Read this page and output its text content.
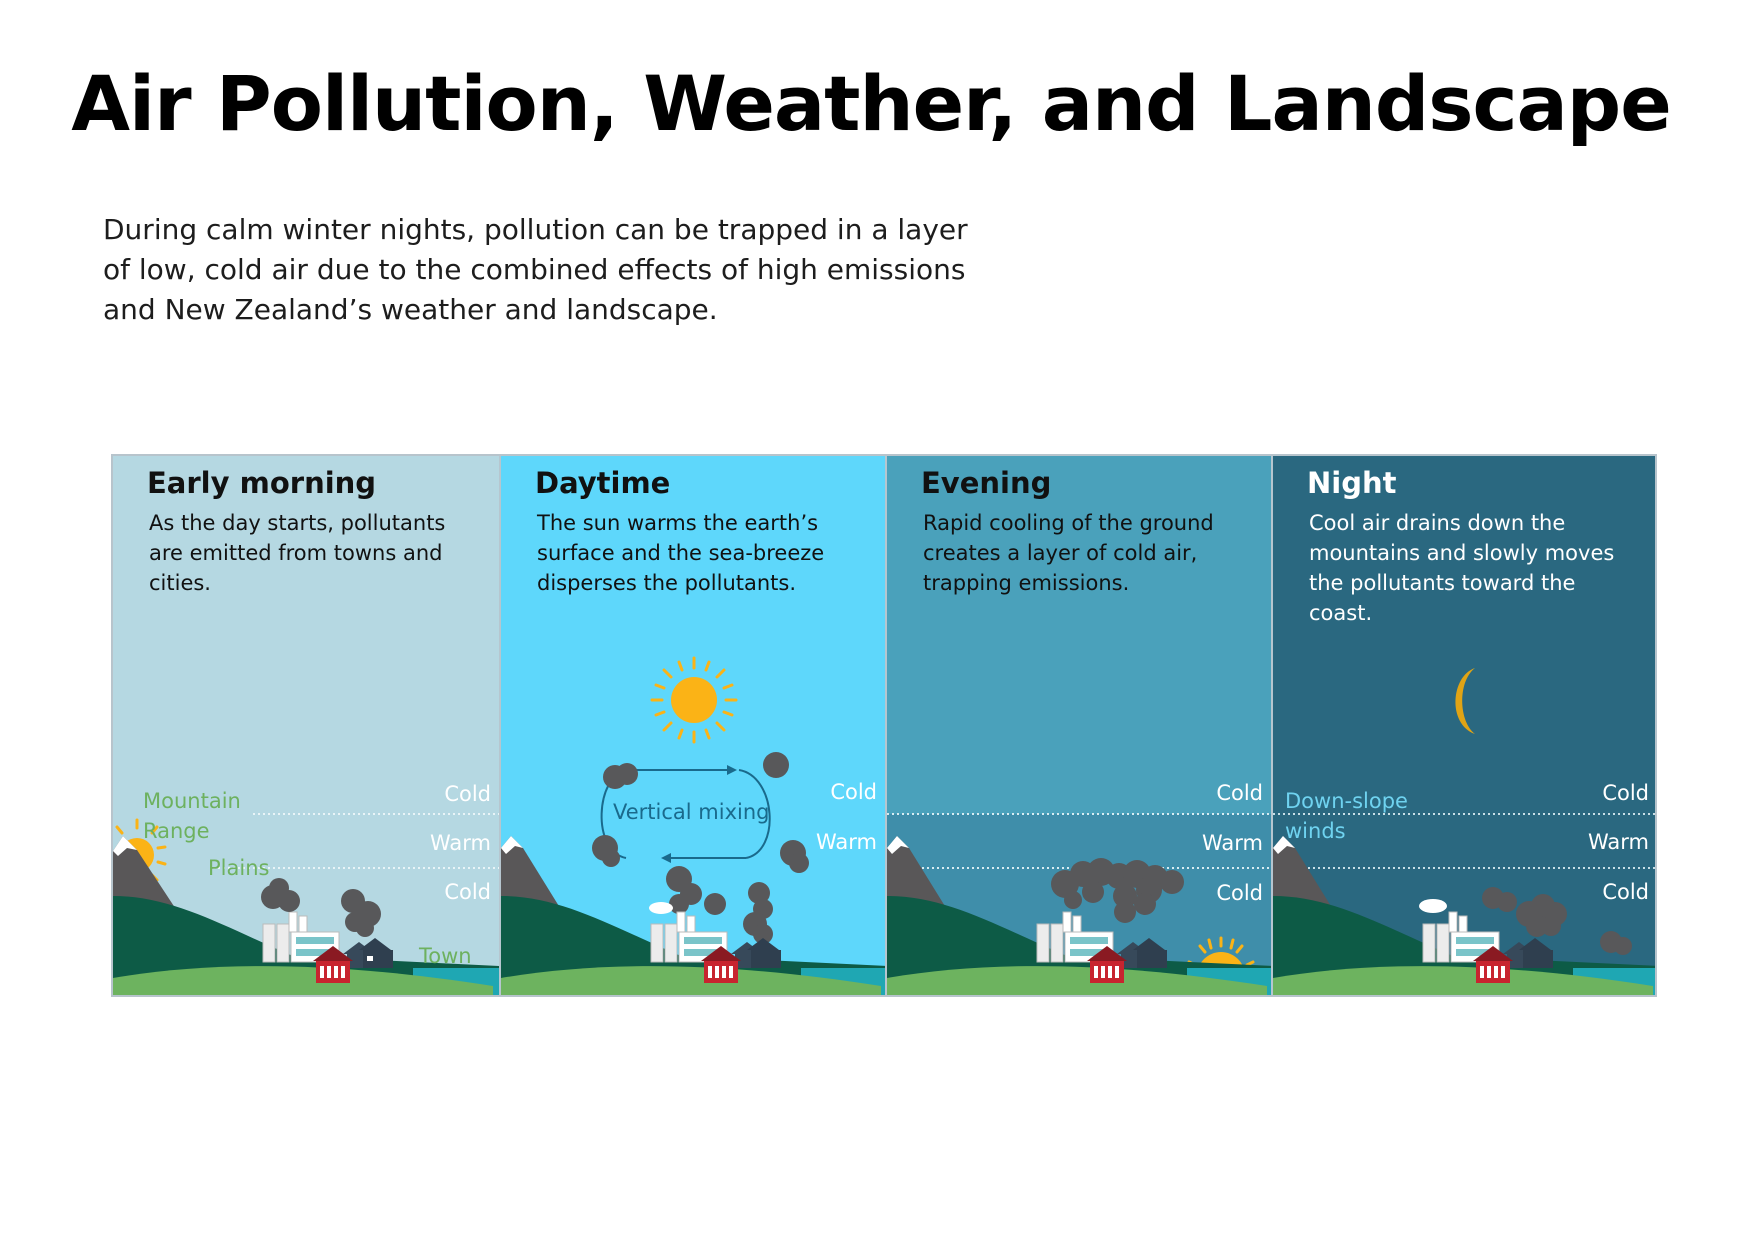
Air Pollution, Weather, and Landscape
During calm winter nights, pollution can be trapped in a layer of low, cold air due to the combined effects of high emissions and New Zealand’s weather and landscape.
Early morning
As the day starts, pollutants are emitted from towns and cities.
Cold
Warm
Cold
Mountain Range
Plains
Town
Daytime
The sun warms the earth’s surface and the sea-breeze disperses the pollutants.
Cold
Warm
Vertical mixing
Evening
Rapid cooling of the ground creates a layer of cold air, trapping emissions.
Cold
Warm
Cold
Night
Cool air drains down the mountains and slowly moves the pollutants toward the coast.
Cold
Warm
Cold
Down-slope winds
